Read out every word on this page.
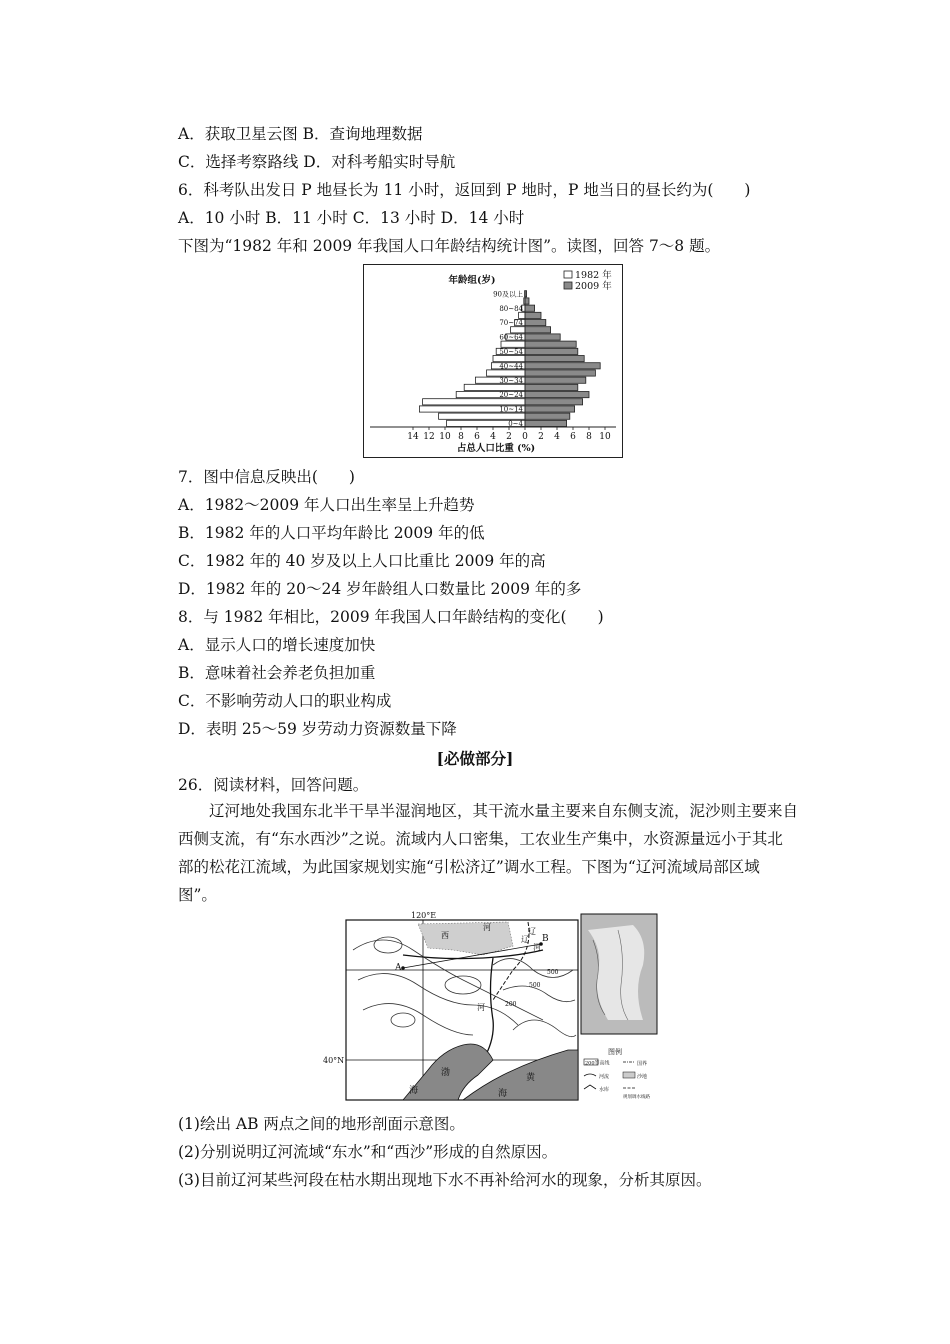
A．获取卫星云图 B．查询地理数据
C．选择考察路线 D．对科考船实时导航
6．科考队出发日 P 地昼长为 11 小时，返回到 P 地时，P 地当日的昼长约为(　　)
A．10 小时 B．11 小时 C．13 小时 D．14 小时
下图为“1982 年和 2009 年我国人口年龄结构统计图”。读图，回答 7～8 题。
年龄组(岁)	1982 年
2009 年
0~4
10~14
20~24
30~34
40~44
50~54
60~64
70~74
80~84
90及以上
14 12 10 8 6 4 2 0 2 4 6 8 10
占总人口比重 (%)
7．图中信息反映出(　　)
A．1982～2009 年人口出生率呈上升趋势
B．1982 年的人口平均年龄比 2009 年的低
C．1982 年的 40 岁及以上人口比重比 2009 年的高
D．1982 年的 20～24 岁年龄组人口数量比 2009 年的多
8．与 1982 年相比，2009 年我国人口年龄结构的变化(　　)
A．显示人口的增长速度加快
B．意味着社会养老负担加重
C．不影响劳动人口的职业构成
D．表明 25～59 岁劳动力资源数量下降
[必做部分]
26．阅读材料，回答问题。
辽河地处我国东北半干旱半湿润地区，其干流水量主要来自东侧支流，泥沙则主要来自西侧支流，有“东水西沙”之说。流域内人口密集，工农业生产集中，水资源量远小于其北部的松花江流域，为此国家规划实施“引松济辽”调水工程。下图为“辽河流域局部区域图”。
120°E
40°N
A
B
西	辽
河
辽
河
河
500
500
200
渤
海
黄
海
图例
200等高线	国界
河流	沙地
水库
规划调水线路
(1)绘出 AB 两点之间的地形剖面示意图。
(2)分别说明辽河流域“东水”和“西沙”形成的自然原因。
(3)目前辽河某些河段在枯水期出现地下水不再补给河水的现象，分析其原因。
